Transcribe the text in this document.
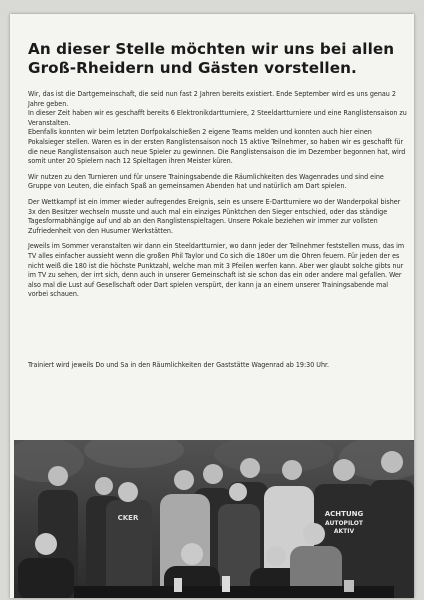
An dieser Stelle möchten wir uns bei allen Groß-Rheidern und Gästen vorstellen.

Wir, das ist die Dartgemeinschaft, die seid nun fast 2 Jahren bereits existiert. Ende September wird es uns genau 2 Jahre geben.

In dieser Zeit haben wir es geschafft bereits 6 Elektronikdartturniere, 2 Steeldartturniere und eine Ranglistensaison zu Veranstalten.

Ebenfalls konnten wir beim letzten Dorfpokalschießen 2 eigene Teams melden und konnten auch hier einen Pokalsieger stellen. Waren es in der ersten Ranglistensaison noch 15 aktive Teilnehmer, so haben wir es geschafft für die neue Ranglistensaison auch neue Spieler zu gewinnen. Die Ranglistensaison die im Dezember begonnen hat, wird somit unter 20 Spielern nach 12 Spieltagen ihren Meister küren.

Wir nutzen zu den Turnieren und für unsere Trainingsabende die Räumlichkeiten des Wagenrades und sind eine Gruppe von Leuten, die einfach Spaß an gemeinsamen Abenden hat und natürlich am Dart spielen.

Der Wettkampf ist ein immer wieder aufregendes Ereignis, sein es unsere E-Dartturniere wo der Wanderpokal bisher 3x den Besitzer wechseln musste und auch mal ein einziges Pünktchen den Sieger entschied, oder das ständige Tagesformabhängige auf und ab an den Ranglistenspieltagen. Unsere Pokale beziehen wir immer zur vollsten Zufriedenheit von den Husumer Werkstätten.

Jeweils im Sommer veranstalten wir dann ein Steeldartturnier, wo dann jeder der Teilnehmer feststellen muss, das im TV alles einfacher aussieht wenn die großen Phil Taylor und Co sich die 180er um die Ohren feuern. Für jeden der es nicht weiß die 180 ist die höchste Punktzahl, welche man mit 3 Pfeilen werfen kann. Aber wer glaubt solche gibts nur im TV zu sehen, der irrt sich, denn auch in unserer Gemeinschaft ist sie schon das ein oder andere mal gefallen. Wer also mal die Lust auf Gesellschaft oder Dart spielen verspürt, der kann ja an einem unserer Trainingsabende mal vorbei schauen.

Trainiert wird jeweils Do und Sa in den Räumlichkeiten der Gaststätte Wagenrad ab 19:30 Uhr.
ACHTUNG
AUTOPILOT
AKTIV
CKER
